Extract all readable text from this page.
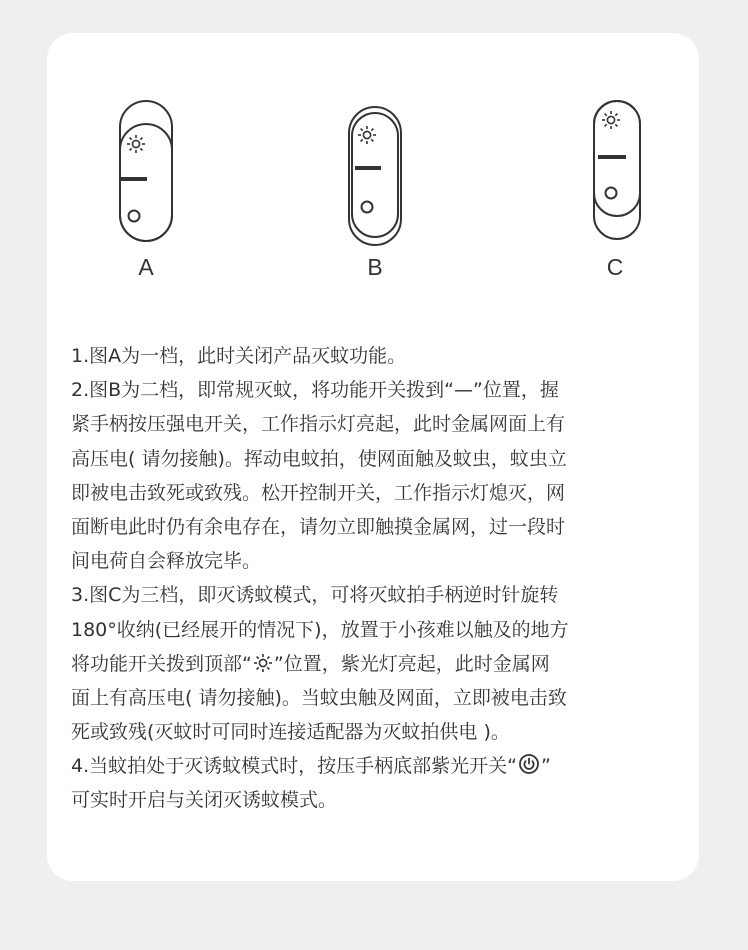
A	B	C
1.图A为一档，此时关闭产品灭蚊功能。
2.图B为二档，即常规灭蚊，将功能开关拨到“—”位置，握
紧手柄按压强电开关，工作指示灯亮起，此时金属网面上有
高压电( 请勿接触)。挥动电蚊拍，使网面触及蚊虫，蚊虫立
即被电击致死或致残。松开控制开关，工作指示灯熄灭，网
面断电此时仍有余电存在，请勿立即触摸金属网，过一段时
间电荷自会释放完毕。
3.图C为三档，即灭诱蚊模式，可将灭蚊拍手柄逆时针旋转
180°收纳(已经展开的情况下)，放置于小孩难以触及的地方
将功能开关拨到顶部“ ”位置，紫光灯亮起，此时金属网
面上有高压电( 请勿接触)。当蚊虫触及网面，立即被电击致
死或致残(灭蚊时可同时连接适配器为灭蚊拍供电 )。
4.当蚊拍处于灭诱蚊模式时，按压手柄底部紫光开关“ ”
可实时开启与关闭灭诱蚊模式。
